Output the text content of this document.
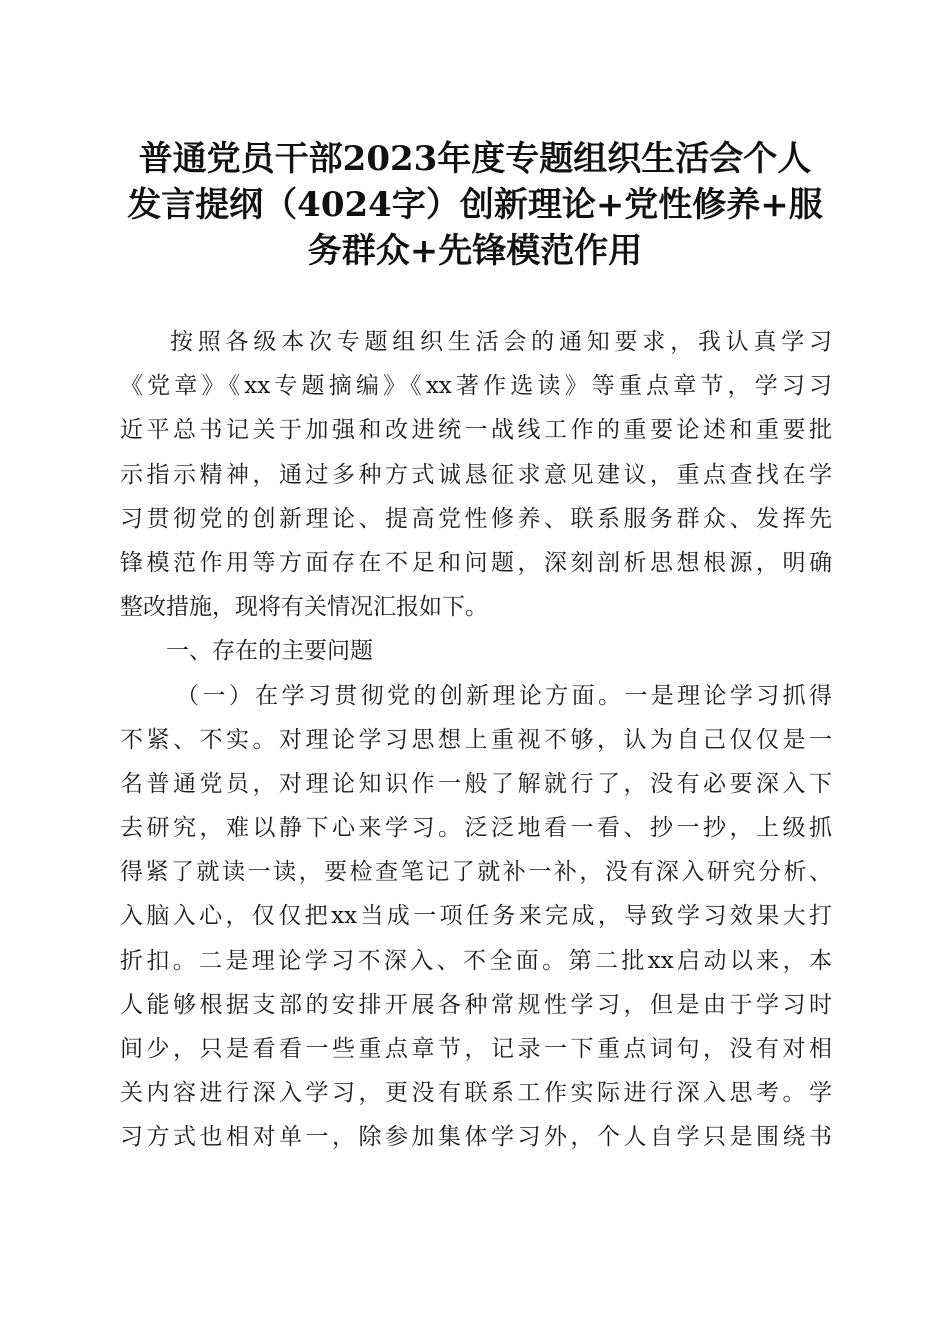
普通党员干部2023年度专题组织生活会个人
发言提纲（4024字）创新理论+党性修养+服
务群众+先锋模范作用
按照各级本次专题组织生活会的通知要求，我认真学习
《党章》《xx专题摘编》《xx著作选读》等重点章节，学习习
近平总书记关于加强和改进统一战线工作的重要论述和重要批
示指示精神，通过多种方式诚恳征求意见建议，重点查找在学
习贯彻党的创新理论、提高党性修养、联系服务群众、发挥先
锋模范作用等方面存在不足和问题，深刻剖析思想根源，明确
整改措施，现将有关情况汇报如下。
一、存在的主要问题
（一）在学习贯彻党的创新理论方面。一是理论学习抓得
不紧、不实。对理论学习思想上重视不够，认为自己仅仅是一
名普通党员，对理论知识作一般了解就行了，没有必要深入下
去研究，难以静下心来学习。泛泛地看一看、抄一抄，上级抓
得紧了就读一读，要检查笔记了就补一补，没有深入研究分析、
入脑入心，仅仅把xx当成一项任务来完成，导致学习效果大打
折扣。二是理论学习不深入、不全面。第二批xx启动以来，本
人能够根据支部的安排开展各种常规性学习，但是由于学习时
间少，只是看看一些重点章节，记录一下重点词句，没有对相
关内容进行深入学习，更没有联系工作实际进行深入思考。学
习方式也相对单一，除参加集体学习外，个人自学只是围绕书
